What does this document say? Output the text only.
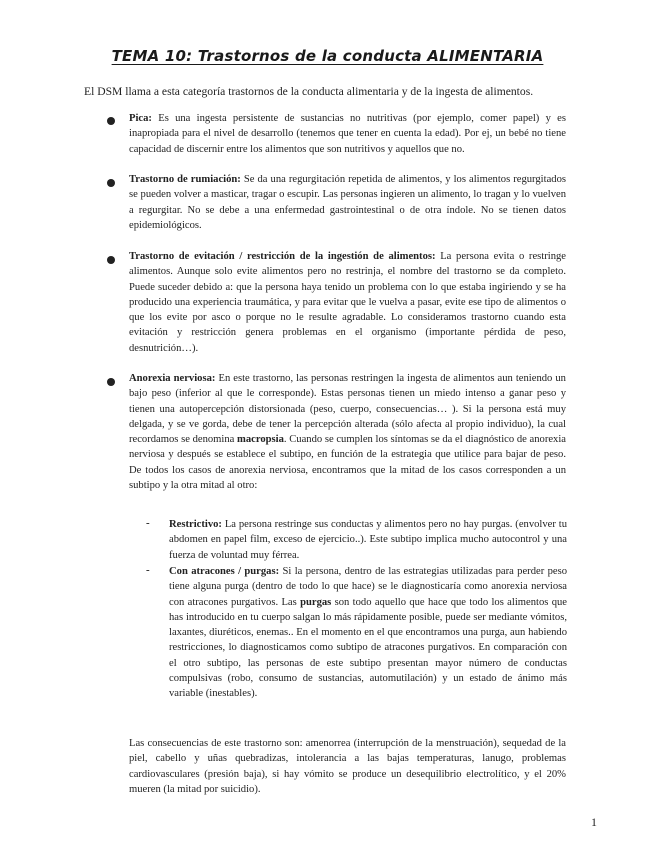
TEMA 10: Trastornos de la conducta ALIMENTARIA

El DSM llama a esta categoría trastornos de la conducta alimentaria y de la ingesta de alimentos.

Pica: Es una ingesta persistente de sustancias no nutritivas (por ejemplo, comer papel) y es inapropiada para el nivel de desarrollo (tenemos que tener en cuenta la edad). Por ej, un bebé no tiene capacidad de discernir entre los alimentos que son nutritivos y aquellos que no.

Trastorno de rumiación: Se da una regurgitación repetida de alimentos, y los alimentos regurgitados se pueden volver a masticar, tragar o escupir. Las personas ingieren un alimento, lo tragan y lo vuelven a regurgitar. No se debe a una enfermedad gastrointestinal o de otra índole. No se tienen datos epidemiológicos.

Trastorno de evitación / restricción de la ingestión de alimentos: La persona evita o restringe alimentos. Aunque solo evite alimentos pero no restrinja, el nombre del trastorno se da completo. Puede suceder debido a: que la persona haya tenido un problema con lo que estaba ingiriendo y se ha producido una experiencia traumática, y para evitar que le vuelva a pasar, evite ese tipo de alimentos o que los evite por asco o porque no le resulte agradable. Lo consideramos trastorno cuando esta evitación y restricción genera problemas en el organismo (importante pérdida de peso, desnutrición…).

Anorexia nerviosa: En este trastorno, las personas restringen la ingesta de alimentos aun teniendo un bajo peso (inferior al que le corresponde). Estas personas tienen un miedo intenso a ganar peso y tienen una autopercepción distorsionada (peso, cuerpo, consecuencias… ). Si la persona está muy delgada, y se ve gorda, debe de tener la percepción alterada (sólo afecta al propio individuo), la cual recordamos se denomina macropsia. Cuando se cumplen los síntomas se da el diagnóstico de anorexia nerviosa y después se establece el subtipo, en función de la estrategia que utilice para bajar de peso. De todos los casos de anorexia nerviosa, encontramos que la mitad de los casos corresponden a un subtipo y la otra mitad al otro:

- Restrictivo: La persona restringe sus conductas y alimentos pero no hay purgas. (envolver tu abdomen en papel film, exceso de ejercicio..). Este subtipo implica mucho autocontrol y una fuerza de voluntad muy férrea.

- Con atracones / purgas: Si la persona, dentro de las estrategias utilizadas para perder peso tiene alguna purga (dentro de todo lo que hace) se le diagnosticaría como anorexia nerviosa con atracones purgativos. Las purgas son todo aquello que hace que todo los alimentos que has introducido en tu cuerpo salgan lo más rápidamente posible, puede ser mediante vómitos, laxantes, diuréticos, enemas.. En el momento en el que encontramos una purga, aun habiendo restricciones, lo diagnosticamos como subtipo de atracones purgativos. En comparación con el otro subtipo, las personas de este subtipo presentan mayor número de conductas compulsivas (robo, consumo de sustancias, automutilación) y un estado de ánimo más variable (inestables).

Las consecuencias de este trastorno son: amenorrea (interrupción de la menstruación), sequedad de la piel, cabello y uñas quebradizas, intolerancia a las bajas temperaturas, lanugo, problemas cardiovasculares (presión baja), si hay vómito se produce un desequilibrio electrolítico, y el 20% mueren (la mitad por suicidio).

1
